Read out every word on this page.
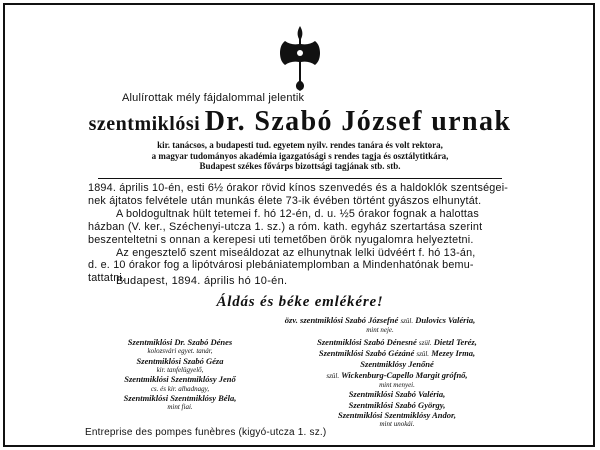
Alulírottak mély fájdalommal jelentik
szentmiklósi Dr. Szabó József urnak
kir. tanácsos, a budapesti tud. egyetem nyilv. rendes tanára és volt rektora,
a magyar tudományos akadémia igazgatósági s rendes tagja és osztálytitkára,
Budapest székes fővárps bizottsági tagjának stb. stb.
1894. április 10-én, esti 6½ órakor rövid kínos szenvedés és a haldoklók szentségei-
nek ájtatos felvétele után munkás élete 73-ik évében történt gyászos elhunytát.
A boldogultnak hült tetemei f. hó 12-én, d. u. ½5 órakor fognak a halottas
házban (V. ker., Széchenyi-utcza 1. sz.) a róm. kath. egyház szertartása szerint
beszenteltetni s onnan a kerepesi uti temetőben örök nyugalomra helyeztetni.
Az engesztelő szent miseáldozat az elhunytnak lelki üdvéért f. hó 13-án,
d. e. 10 órakor fog a lipótvárosi plebániatemplomban a Mindenhatónak bemu-
tattatni.
Budapest, 1894. április hó 10-én.
Áldás és béke emlékére!
özv. szentmiklósi Szabó Józsefné szül. Dulovics Valéria,
mint neje.
Szentmiklósi Dr. Szabó Dénes
kolozsvári egyet. tanár,
Szentmiklósi Szabó Géza
kir. tanfelügyelő,
Szentmiklósi Szentmiklósy Jenő
cs. és kir. alhadnagy,
Szentmiklósi Szentmiklósy Béla,
mint fiai.
Szentmiklósi Szabó Dénesné szül. Dietzl Teréz,
Szentmiklósi Szabó Gézáné szül. Mezey Irma,
Szentmiklósy Jenőné
szül. Wickenburg-Capello Margit grófnő,
mint menyei.
Szentmiklósi Szabó Valéria,
Szentmiklósi Szabó György,
Szentmiklósi Szentmiklósy Andor,
mint unokái.
Entreprise des pompes funèbres (kigyó-utcza 1. sz.)
